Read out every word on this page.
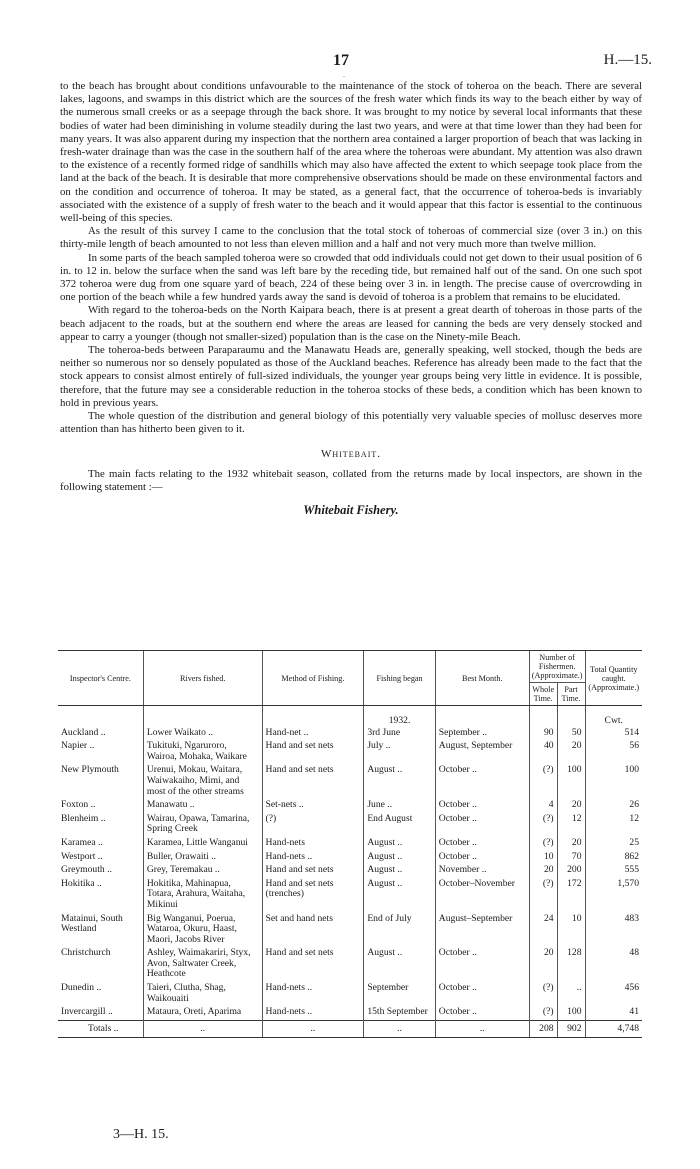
.
17	H.—15.

to the beach has brought about conditions unfavourable to the maintenance of the stock of toheroa on the beach. There are several lakes, lagoons, and swamps in this district which are the sources of the fresh water which finds its way to the beach either by way of the numerous small creeks or as a seepage through the back shore. It was brought to my notice by several local informants that these bodies of water had been diminishing in volume steadily during the last two years, and were at that time lower than they had been for many years. It was also apparent during my inspection that the northern area contained a larger proportion of beach that was lacking in fresh-water drainage than was the case in the southern half of the area where the toheroas were abundant. My attention was also drawn to the existence of a recently formed ridge of sandhills which may also have affected the extent to which seepage took place from the land at the back of the beach. It is desirable that more comprehensive observations should be made on these environmental factors and on the condition and occurrence of toheroa. It may be stated, as a general fact, that the occurrence of toheroa-beds is invariably associated with the existence of a supply of fresh water to the beach and it would appear that this factor is essential to the continuous well-being of this species.

As the result of this survey I came to the conclusion that the total stock of toheroas of commercial size (over 3 in.) on this thirty-mile length of beach amounted to not less than eleven million and a half and not very much more than twelve million.

In some parts of the beach sampled toheroa were so crowded that odd individuals could not get down to their usual position of 6 in. to 12 in. below the surface when the sand was left bare by the receding tide, but remained half out of the sand. On one such spot 372 toheroa were dug from one square yard of beach, 224 of these being over 3 in. in length. The precise cause of overcrowding in one portion of the beach while a few hundred yards away the sand is devoid of toheroa is a problem that remains to be elucidated.

With regard to the toheroa-beds on the North Kaipara beach, there is at present a great dearth of toheroas in those parts of the beach adjacent to the roads, but at the southern end where the areas are leased for canning the beds are very densely stocked and appear to carry a younger (though not smaller-sized) population than is the case on the Ninety-mile Beach.

The toheroa-beds between Paraparaumu and the Manawatu Heads are, generally speaking, well stocked, though the beds are neither so numerous nor so densely populated as those of the Auckland beaches. Reference has already been made to the fact that the stock appears to consist almost entirely of full-sized individuals, the younger year groups being very little in evidence. It is possible, therefore, that the future may see a considerable reduction in the toheroa stocks of these beds, a condition which has been known to hold in previous years.

The whole question of the distribution and general biology of this potentially very valuable species of mollusc deserves more attention than has hitherto been given to it.

Whitebait.

The main facts relating to the 1932 whitebait season, collated from the returns made by local inspectors, are shown in the following statement :—

Whitebait Fishery.
Inspector's Centre.	Rivers fished.	Method of Fishing.	Fishing began	Best Month.	Number of Fishermen. (Approximate.)		Total Quantity caught. (Approximate.)
					Whole Time.	Part Time.	
			1932.				Cwt.
Auckland ..	Lower Waikato ..	Hand-net ..	3rd June	September ..	90	50	514
Napier ..	Tukituki, Ngaruroro, Wairoa, Mohaka, Waikare	Hand and set nets	July ..	August, September	40	20	56
New Plymouth	Urenui, Mokau, Waitara, Waiwakaiho, Mimi, and most of the other streams	Hand and set nets	August ..	October ..	(?)	100	100
Foxton ..	Manawatu ..	Set-nets ..	June ..	October ..	4	20	26
Blenheim ..	Wairau, Opawa, Tamarina, Spring Creek	(?)	End August	October ..	(?)	12	12
Karamea ..	Karamea, Little Wanganui	Hand-nets	August ..	October ..	(?)	20	25
Westport ..	Buller, Orawaiti ..	Hand-nets ..	August ..	October ..	10	70	862
Greymouth ..	Grey, Teremakau ..	Hand and set nets	August ..	November ..	20	200	555
Hokitika ..	Hokitika, Mahinapua, Totara, Arahura, Waitaha, Mikinui	Hand and set nets (trenches)	August ..	October–November	(?)	172	1,570
Matainui, South Westland	Big Wanganui, Poerua, Wataroa, Okuru, Haast, Maori, Jacobs River	Set and hand nets	End of July	August–September	24	10	483
Christchurch	Ashley, Waimakariri, Styx, Avon, Saltwater Creek, Heathcote	Hand and set nets	August ..	October ..	20	128	48
Dunedin ..	Taieri, Clutha, Shag, Waikouaiti	Hand-nets ..	September	October ..	(?)	..	456
Invercargill ..	Mataura, Oreti, Aparima	Hand-nets ..	15th September	October ..	(?)	100	41
Totals ..	..	..	..	..	208	902	4,748
3—H. 15.
